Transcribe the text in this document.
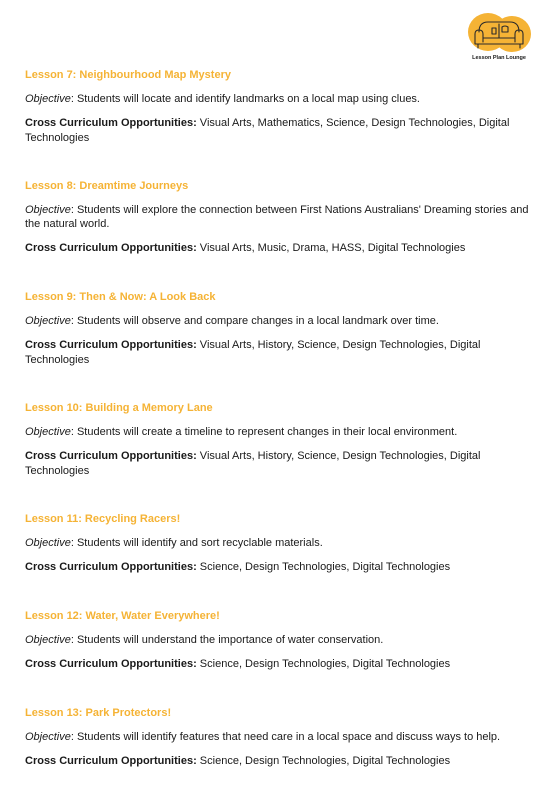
Lesson Plan Lounge
Lesson 7: Neighbourhood Map Mystery
Objective: Students will locate and identify landmarks on a local map using clues.
Cross Curriculum Opportunities: Visual Arts, Mathematics, Science, Design Technologies, Digital Technologies
Lesson 8: Dreamtime Journeys
Objective: Students will explore the connection between First Nations Australians' Dreaming stories and the natural world.
Cross Curriculum Opportunities: Visual Arts, Music, Drama, HASS, Digital Technologies
Lesson 9: Then & Now: A Look Back
Objective: Students will observe and compare changes in a local landmark over time.
Cross Curriculum Opportunities: Visual Arts, History, Science, Design Technologies, Digital Technologies
Lesson 10: Building a Memory Lane
Objective: Students will create a timeline to represent changes in their local environment.
Cross Curriculum Opportunities: Visual Arts, History, Science, Design Technologies, Digital Technologies
Lesson 11: Recycling Racers!
Objective: Students will identify and sort recyclable materials.
Cross Curriculum Opportunities: Science, Design Technologies, Digital Technologies
Lesson 12: Water, Water Everywhere!
Objective: Students will understand the importance of water conservation.
Cross Curriculum Opportunities: Science, Design Technologies, Digital Technologies
Lesson 13: Park Protectors!
Objective: Students will identify features that need care in a local space and discuss ways to help.
Cross Curriculum Opportunities: Science, Design Technologies, Digital Technologies
